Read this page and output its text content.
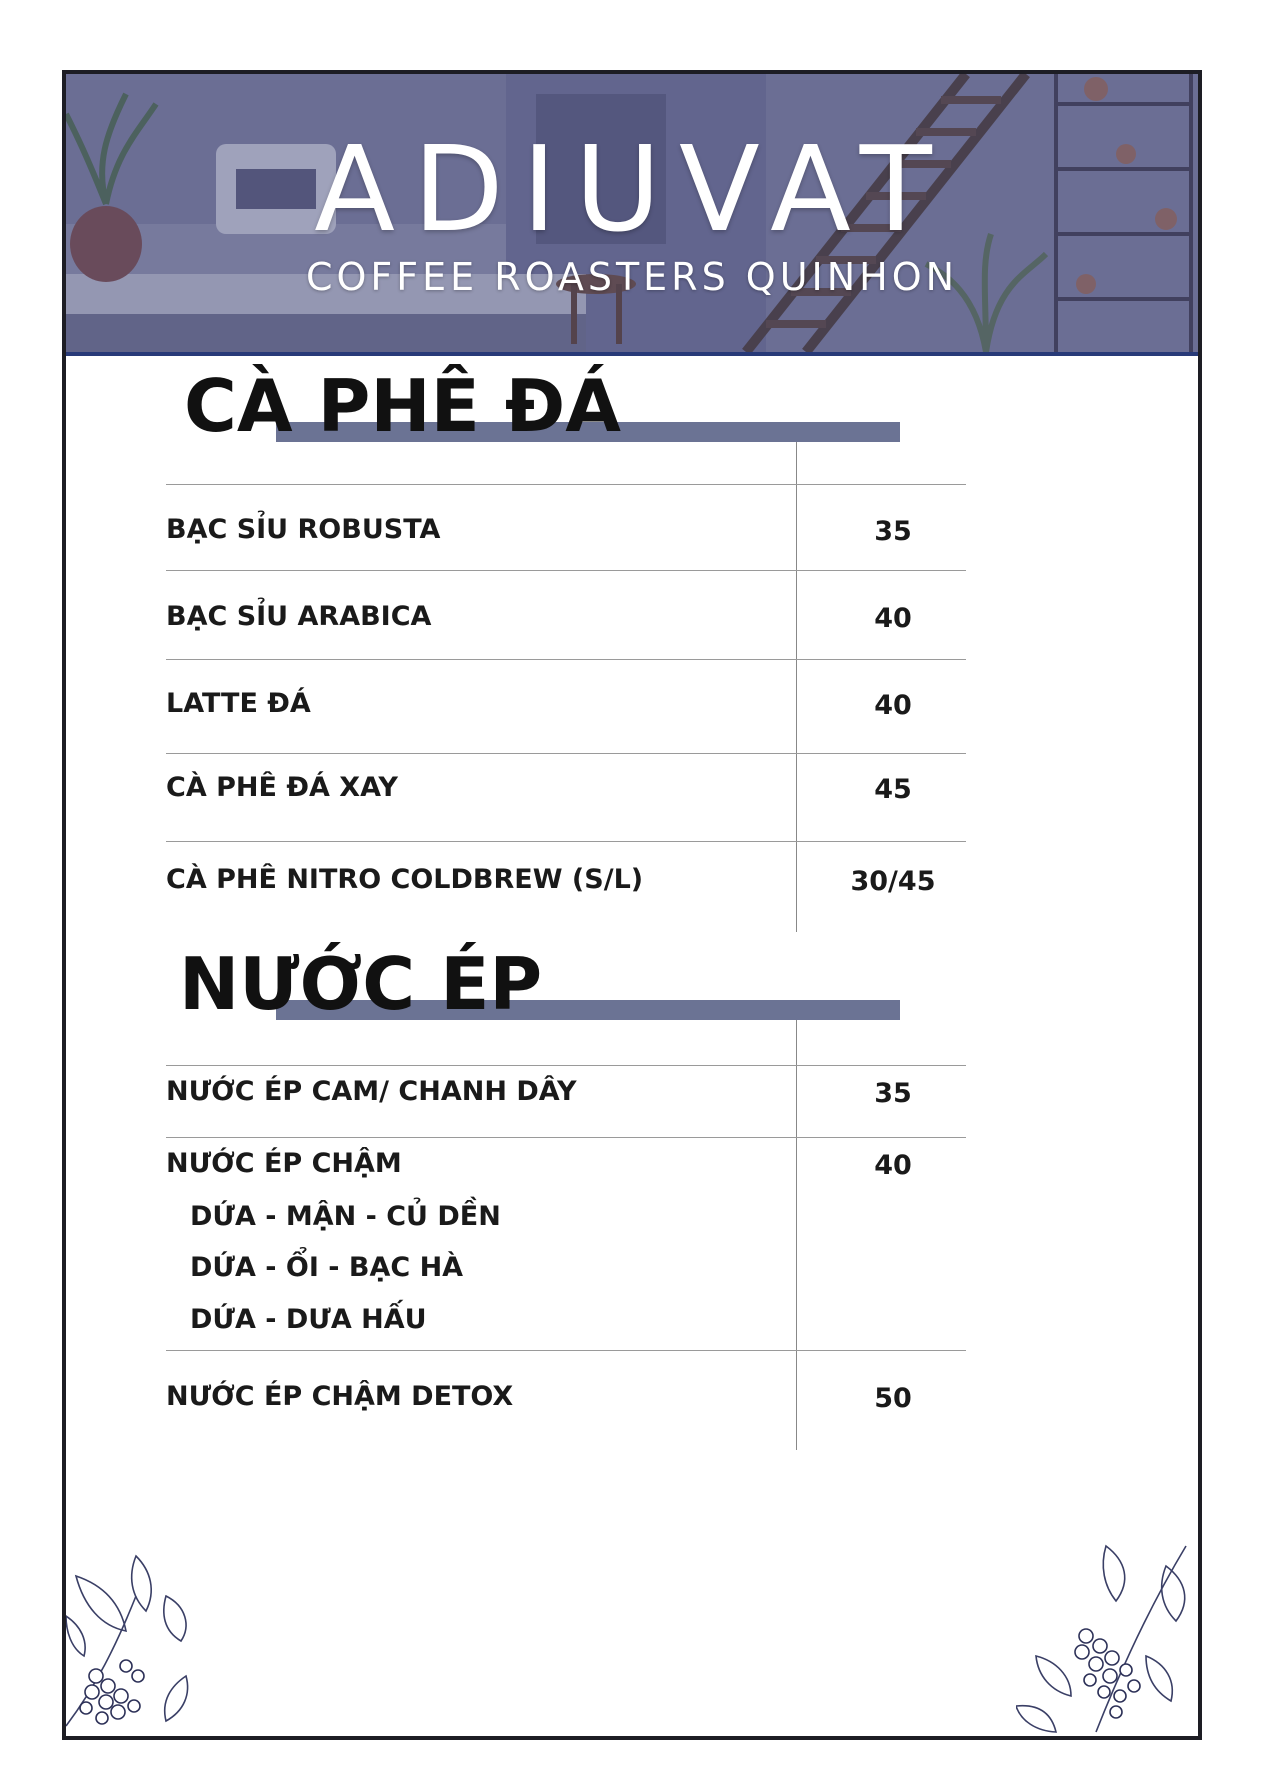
ADIUVAT
COFFEE ROASTERS QUINHON
CÀ PHÊ ĐÁ
BẠC SỈU ROBUSTA	35
BẠC SỈU ARABICA	40
LATTE ĐÁ	40
CÀ PHÊ ĐÁ XAY	45
CÀ PHÊ NITRO COLDBREW (S/L)	30/45
NƯỚC ÉP
NƯỚC ÉP CAM/ CHANH DÂY	35
NƯỚC ÉP CHẬM	40
DỨA - MẬN - CỦ DỀN
DỨA - ỔI - BẠC HÀ
DỨA - DƯA HẤU
NƯỚC ÉP CHẬM DETOX	50
